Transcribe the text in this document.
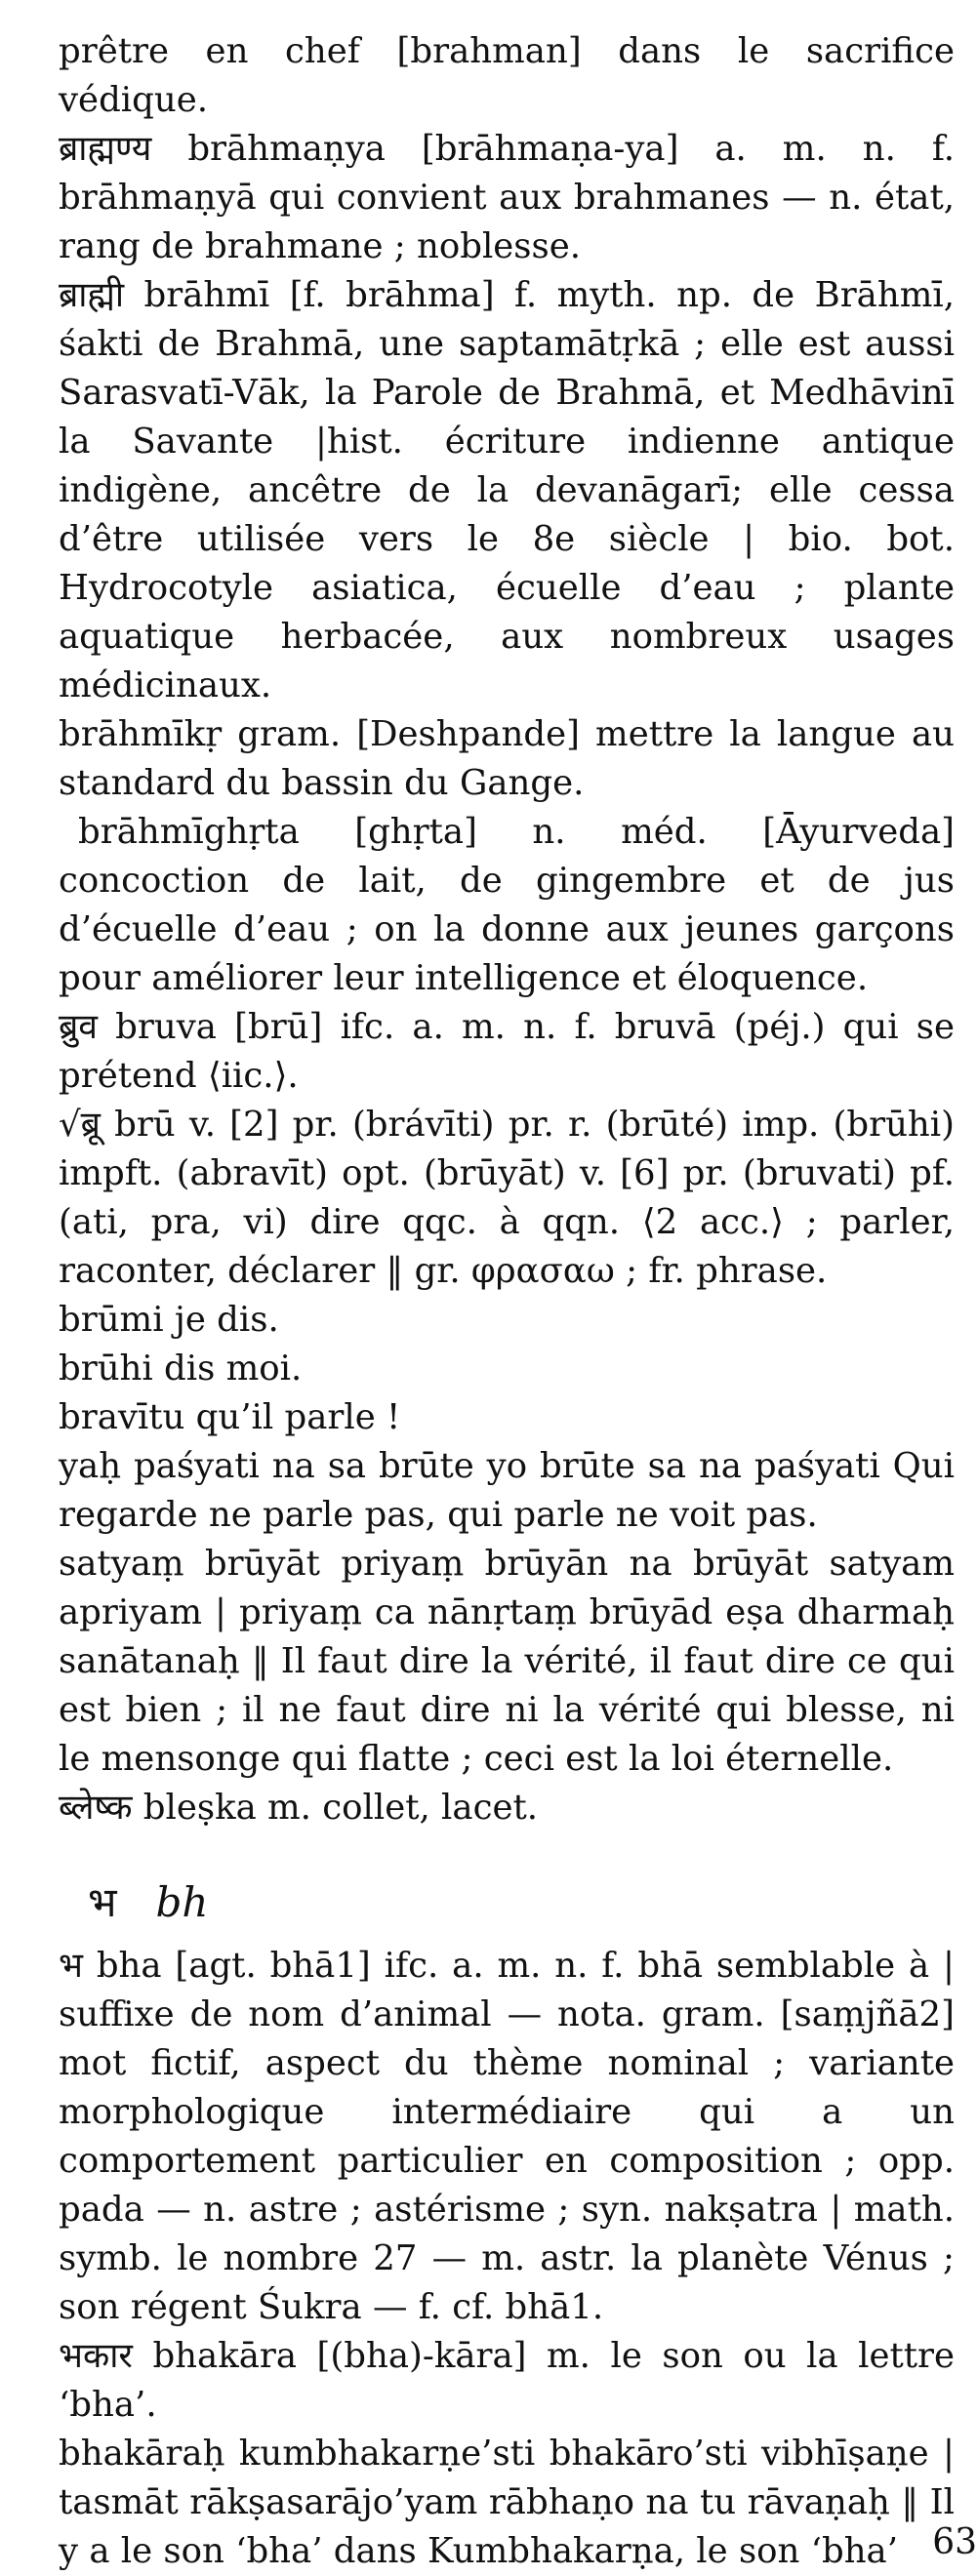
prêtre en chef [brahman] dans le sacrifice védique.

ब्राह्मण्य brāhmaṇya [brāhmaṇa-ya] a. m. n. f. brāhmaṇyā qui convient aux brahmanes — n. état, rang de brahmane ; noblesse.

ब्राह्मी brāhmī [f. brāhma] f. myth. np. de Brāhmī, śakti de Brahmā, une saptamātṛkā ; elle est aussi Sarasvatī-Vāk, la Parole de Brahmā, et Medhāvinī la Savante |hist. écriture indienne antique indigène, ancêtre de la devanāgarī; elle cessa d’être utilisée vers le 8e siècle | bio. bot. Hydrocotyle asiatica, écuelle d’eau ; plante aquatique herbacée, aux nombreux usages médicinaux.

brāhmīkṛ gram. [Deshpande] mettre la langue au standard du bassin du Gange.

brāhmīghṛta [ghṛta] n. méd. [Āyurveda] concoction de lait, de gingembre et de jus d’écuelle d’eau ; on la donne aux jeunes garçons pour améliorer leur intelligence et éloquence.

ब्रुव bruva [brū] ifc. a. m. n. f. bruvā (péj.) qui se prétend ⟨iic.⟩.

√ब्रू brū v. [2] pr. (brávīti) pr. r. (brūté) imp. (brūhi) impft. (abravīt) opt. (brūyāt) v. [6] pr. (bruvati) pf. (ati, pra, vi) dire qqc. à qqn. ⟨2 acc.⟩ ; parler, raconter, déclarer ‖ gr. φρασαω ; fr. phrase.

brūmi je dis.

brūhi dis moi.

bravītu qu’il parle !

yaḥ paśyati na sa brūte yo brūte sa na paśyati Qui regarde ne parle pas, qui parle ne voit pas.

satyaṃ brūyāt priyaṃ brūyān na brūyāt satyam apriyam | priyaṃ ca nānṛtaṃ brūyād eṣa dharmaḥ sanātanaḥ ‖ Il faut dire la vérité, il faut dire ce qui est bien ; il ne faut dire ni la vérité qui blesse, ni le mensonge qui flatte ; ceci est la loi éternelle.

ब्लेष्क bleṣka m. collet, lacet.

भ bh

भ bha [agt. bhā1] ifc. a. m. n. f. bhā semblable à | suffixe de nom d’animal — nota. gram. [saṃjñā2] mot fictif, aspect du thème nominal ; variante morphologique intermédiaire qui a un comportement particulier en composition ; opp. pada — n. astre ; astérisme ; syn. nakṣatra | math. symb. le nombre 27 — m. astr. la planète Vénus ; son régent Śukra — f. cf. bhā1.

भकार bhakāra [(bha)-kāra] m. le son ou la lettre ‘bha’.

bhakāraḥ kumbhakarṇe’sti bhakāro’sti vibhīṣaṇe | tasmāt rākṣasarājo’yam rābhaṇo na tu rāvaṇaḥ ‖ Il y a le son ‘bha’ dans Kumbhakarṇa, le son ‘bha’ 63
